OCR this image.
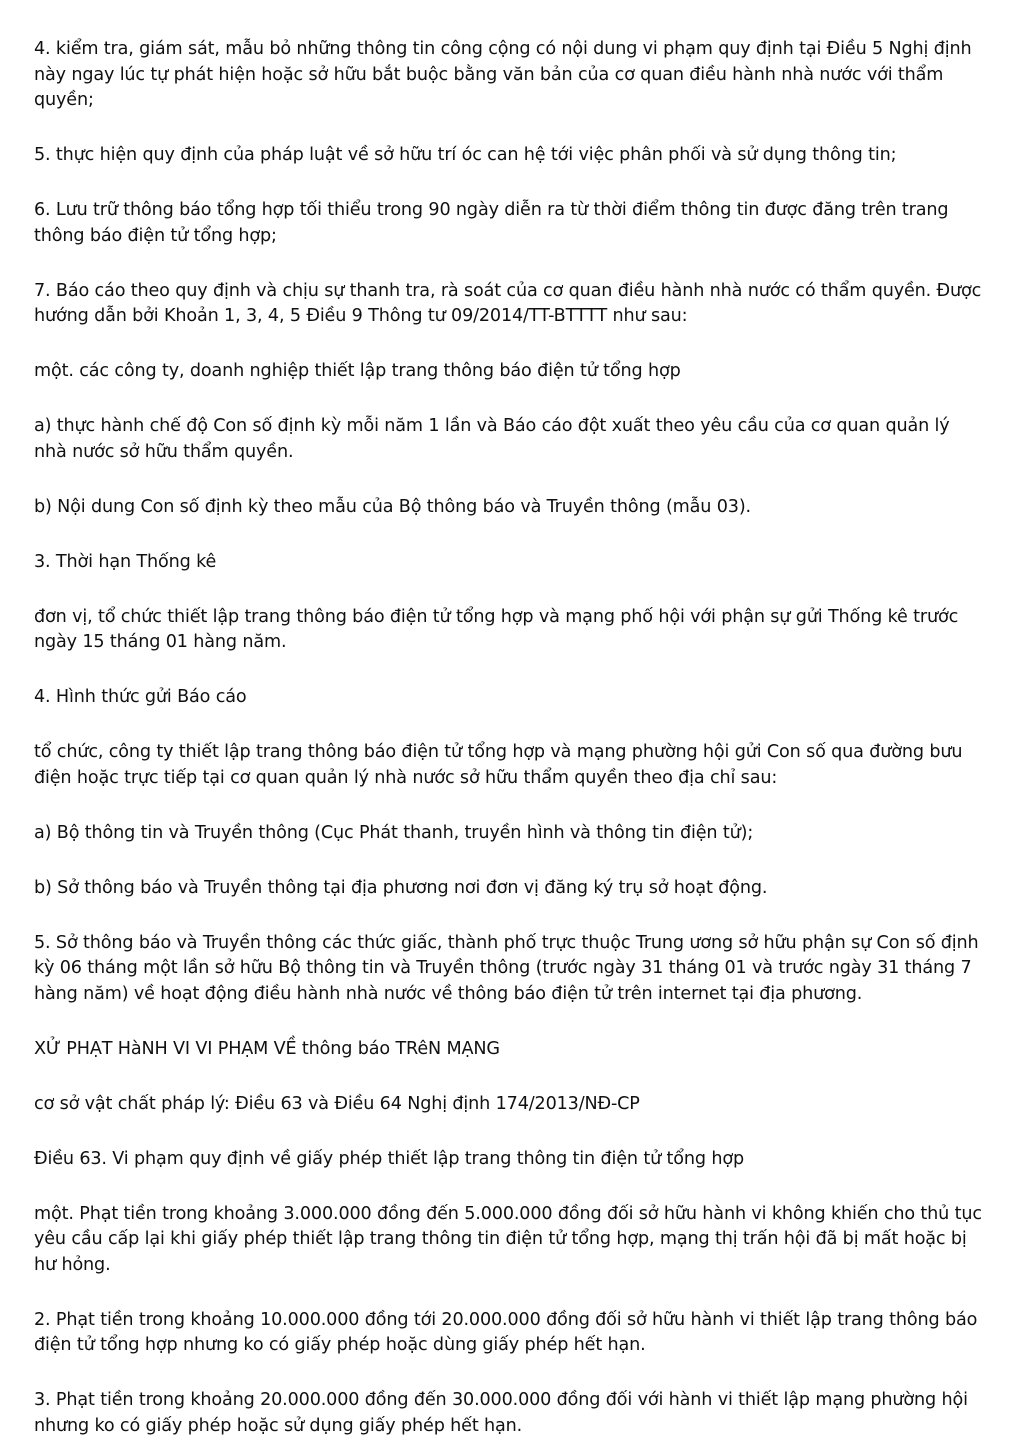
4. kiểm tra, giám sát, mẫu bỏ những thông tin công cộng có nội dung vi phạm quy định tại Điều 5 Nghị định này ngay lúc tự phát hiện hoặc sở hữu bắt buộc bằng văn bản của cơ quan điều hành nhà nước với thẩm quyền;

5. thực hiện quy định của pháp luật về sở hữu trí óc can hệ tới việc phân phối và sử dụng thông tin;

6. Lưu trữ thông báo tổng hợp tối thiểu trong 90 ngày diễn ra từ thời điểm thông tin được đăng trên trang thông báo điện tử tổng hợp;

7. Báo cáo theo quy định và chịu sự thanh tra, rà soát của cơ quan điều hành nhà nước có thẩm quyền. Được hướng dẫn bởi Khoản 1, 3, 4, 5 Điều 9 Thông tư 09/2014/TT-BTTTT như sau:

một. các công ty, doanh nghiệp thiết lập trang thông báo điện tử tổng hợp

a) thực hành chế độ Con số định kỳ mỗi năm 1 lần và Báo cáo đột xuất theo yêu cầu của cơ quan quản lý nhà nước sở hữu thẩm quyền.

b) Nội dung Con số định kỳ theo mẫu của Bộ thông báo và Truyền thông (mẫu 03).

3. Thời hạn Thống kê

đơn vị, tổ chức thiết lập trang thông báo điện tử tổng hợp và mạng phố hội với phận sự gửi Thống kê trước ngày 15 tháng 01 hàng năm.

4. Hình thức gửi Báo cáo

tổ chức, công ty thiết lập trang thông báo điện tử tổng hợp và mạng phường hội gửi Con số qua đường bưu điện hoặc trực tiếp tại cơ quan quản lý nhà nước sở hữu thẩm quyền theo địa chỉ sau:

a) Bộ thông tin và Truyền thông (Cục Phát thanh, truyền hình và thông tin điện tử);

b) Sở thông báo và Truyền thông tại địa phương nơi đơn vị đăng ký trụ sở hoạt động.

5. Sở thông báo và Truyền thông các thức giấc, thành phố trực thuộc Trung ương sở hữu phận sự Con số định kỳ 06 tháng một lần sở hữu Bộ thông tin và Truyền thông (trước ngày 31 tháng 01 và trước ngày 31 tháng 7 hàng năm) về hoạt động điều hành nhà nước về thông báo điện tử trên internet tại địa phương.

XỬ PHẠT HàNH VI VI PHẠM VỀ thông báo TRêN MẠNG

cơ sở vật chất pháp lý: Điều 63 và Điều 64 Nghị định 174/2013/NĐ-CP

Điều 63. Vi phạm quy định về giấy phép thiết lập trang thông tin điện tử tổng hợp

một. Phạt tiền trong khoảng 3.000.000 đồng đến 5.000.000 đồng đối sở hữu hành vi không khiến cho thủ tục yêu cầu cấp lại khi giấy phép thiết lập trang thông tin điện tử tổng hợp, mạng thị trấn hội đã bị mất hoặc bị hư hỏng.

2. Phạt tiền trong khoảng 10.000.000 đồng tới 20.000.000 đồng đối sở hữu hành vi thiết lập trang thông báo điện tử tổng hợp nhưng ko có giấy phép hoặc dùng giấy phép hết hạn.

3. Phạt tiền trong khoảng 20.000.000 đồng đến 30.000.000 đồng đối với hành vi thiết lập mạng phường hội nhưng ko có giấy phép hoặc sử dụng giấy phép hết hạn.
